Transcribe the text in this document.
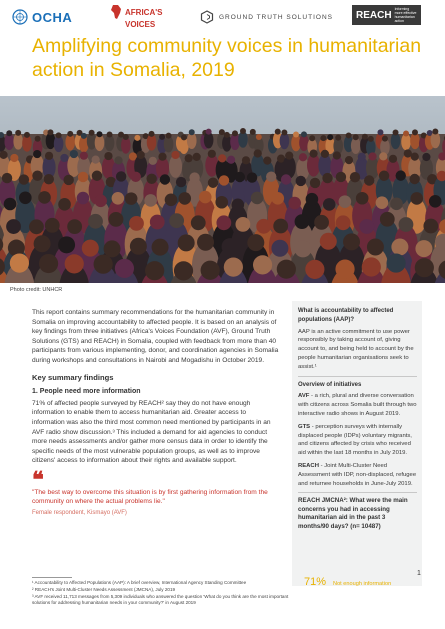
OCHA	AFRICA'S
VOICES
GROUND TRUTH SOLUTIONS REACH
Informing more effective humanitarian action
Amplifying community voices in humanitarian action in Somalia, 2019
Photo credit: UNHCR

This report contains summary recommendations for the humanitarian community in Somalia on improving accountability to affected people. It is based on an analysis of key findings from three initiatives (Africa's Voices Foundation (AVF), Ground Truth Solutions (GTS) and REACH) in Somalia, coupled with feedback from more than 40 participants from various implementing, donor, and coordination agencies in Somalia during workshops and consultations in Nairobi and Mogadishu in October 2019.

Key summary findings
1. People need more information

71% of affected people surveyed by REACH² say they do not have enough information to enable them to access humanitarian aid. Greater access to information was also the third most common need mentioned by participants in an AVF radio show discussion.³ This included a demand for aid agencies to conduct more needs assessments and/or gather more census data in order to identify the specific needs of the most vulnerable population groups, as well as to improve citizens' access to information about their rights and available support.

❝
"The best way to overcome this situation is by first gathering information from the community on where the actual problems lie."
Female respondent, Kismayo (AVF)
¹ Accountability to Affected Populations (AAP): A brief overview, International Agency Standing Committee
² REACH's Joint Multi-Cluster Needs Assessment (JMCNA), July 2019
³ AVF received 11,713 messages from 5,309 individuals who answered the question 'What do you think are the most important solutions for addressing humanitarian needs in your community?' in August 2019
What is accountability to affected populations (AAP)?

AAP is an active commitment to use power responsibly by taking account of, giving account to, and being held to account by the people humanitarian organisations seek to assist.¹

Overview of initiatives

AVF - a rich, plural and diverse conversation with citizens across Somalia built through two interactive radio shows in August 2019.

GTS - perception surveys with internally displaced people (IDPs) voluntary migrants, and citizens affected by crisis who received aid within the last 18 months in July 2019.

REACH - Joint Multi-Cluster Need Assessment with IDP, non-displaced, refugee and returnee households in June-July 2019.

REACH JMCNA²: What were the main concerns you had in accessing humanitarian aid in the past 3 months/90 days? (n= 10487)
71% Not enough information
1
